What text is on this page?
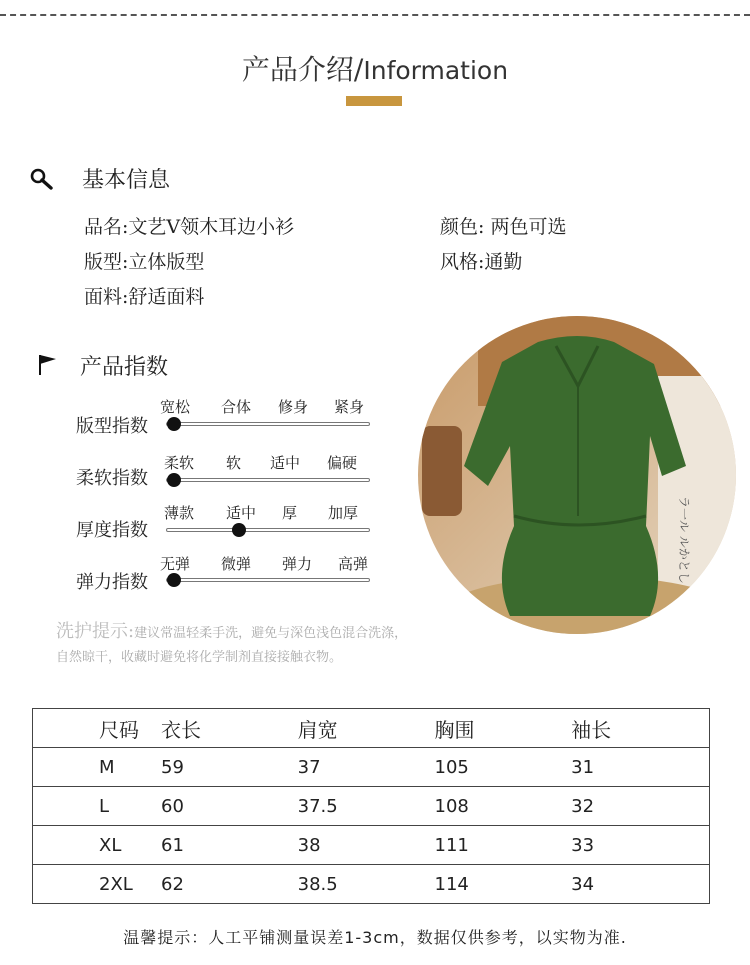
产品介绍/Information
基本信息
品名:文艺V领木耳边小衫	颜色: 两色可选
版型:立体版型	风格:通勤
面料:舒适面料
产品指数
宽松 合体 修身 紧身
版型指数
柔软 软 适中 偏硬
柔软指数
薄款 适中 厚 加厚
厚度指数
无弹 微弹 弹力 高弹
弹力指数
洗护提示:建议常温轻柔手洗，避免与深色浅色混合洗涤，
自然晾干，收藏时避免将化学制剂直接接触衣物。
ラ一ル ルかとし
尺码	衣长	肩宽	胸围	袖长
M	59	37	105	31
L	60	37.5	108	32
XL	61	38	111	33
2XL	62	38.5	114	34
温馨提示：人工平铺测量误差1-3cm，数据仅供参考，以实物为准.
